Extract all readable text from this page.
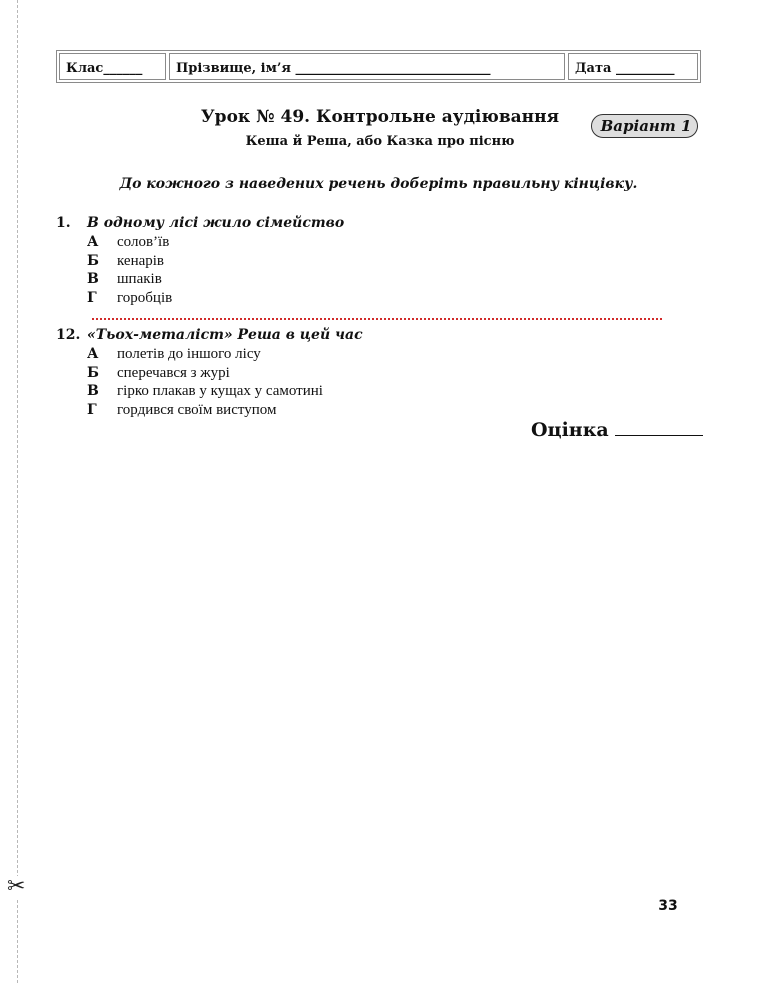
✂
Клас______	Прізвище, ім’я ______________________________	Дата _________
Урок № 49. Контрольне аудіювання
Кеша й Реша, або Казка про пісню
Варіант 1

До кожного з наведених речень доберіть правильну кінцівку.

1.	В одному лісі жило сімейство
А	солов’їв
Б	кенарів
В	шпаків
Г	горобців
12. «Тьох-металіст» Реша в цей час
А	полетів до іншого лісу
Б	сперечався з журі
В	гірко плакав у кущах у самотині
Г	гордився своїм виступом
Оцінка
33
